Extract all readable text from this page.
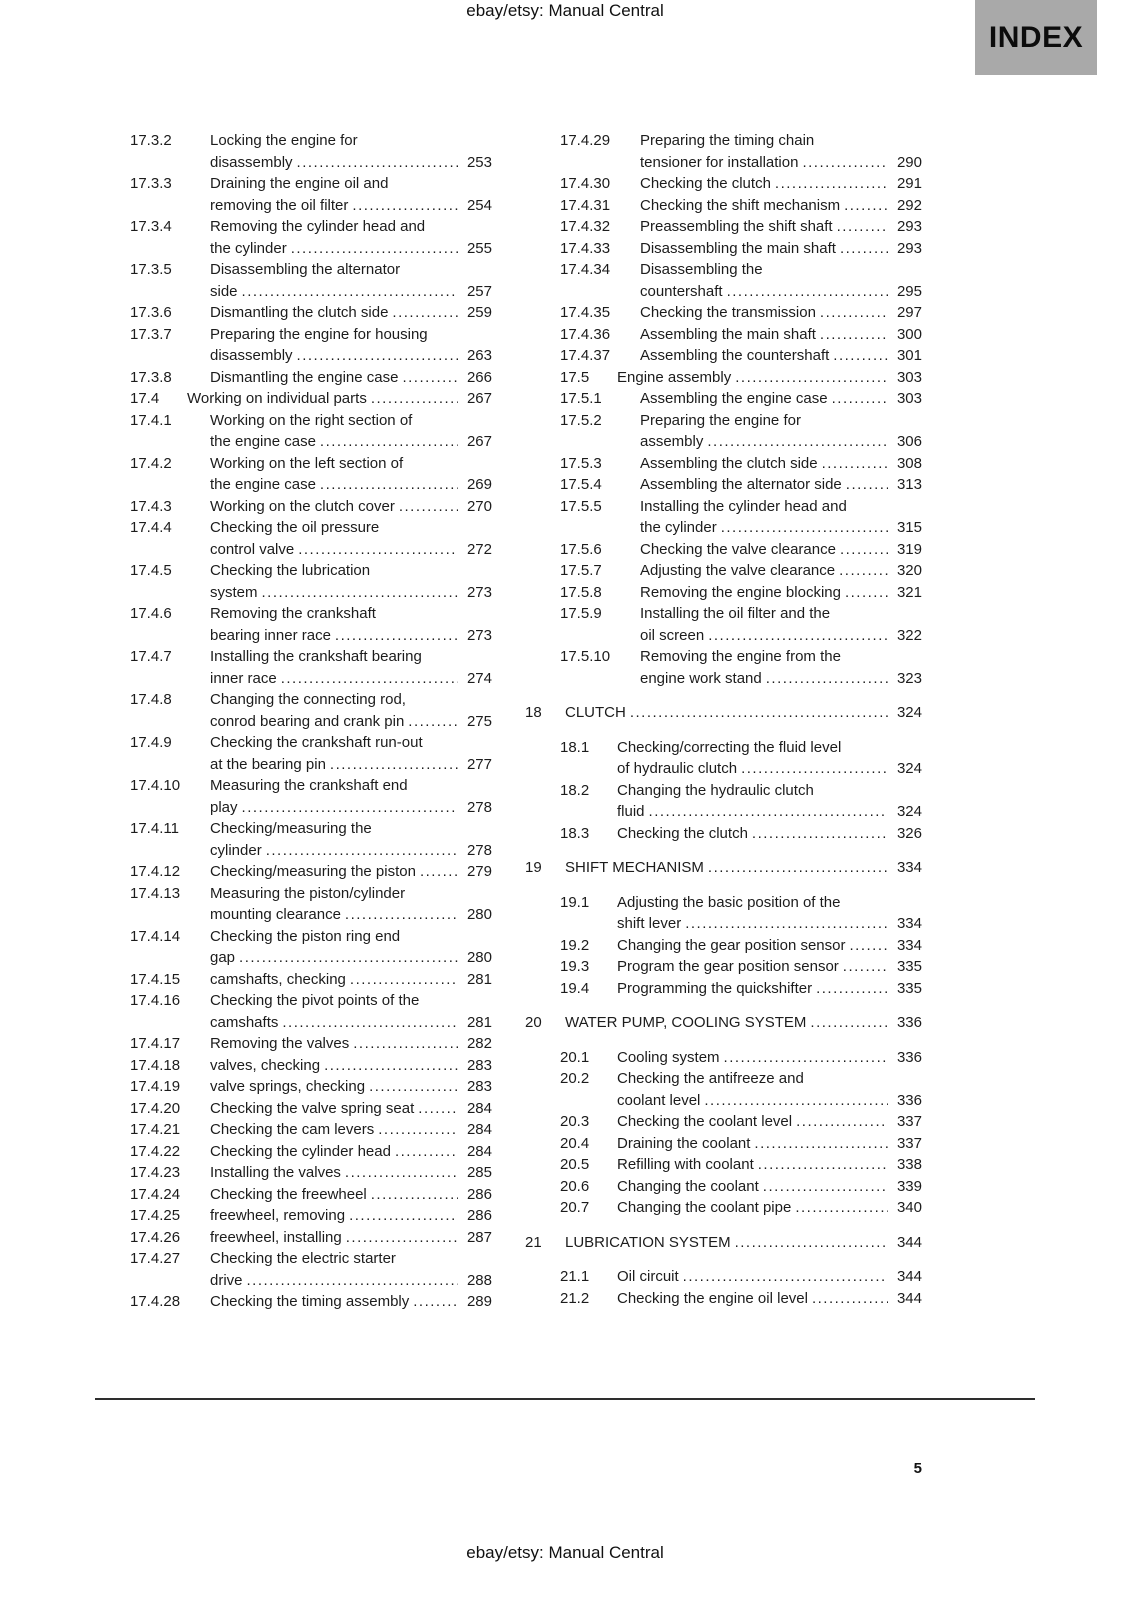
ebay/etsy: Manual Central
INDEX
17.3.2	Locking the engine for
disassembly .....	253
17.3.3	Draining the engine oil and
removing the oil filter .....	254
17.3.4	Removing the cylinder head and
the cylinder .....	255
17.3.5	Disassembling the alternator
side .....	257
17.3.6	Dismantling the clutch side .....	259
17.3.7	Preparing the engine for housing
disassembly .....	263
17.3.8	Dismantling the engine case .....	266
17.4	Working on individual parts .....	267
17.4.1	Working on the right section of
the engine case .....	267
17.4.2	Working on the left section of
the engine case .....	269
17.4.3	Working on the clutch cover .....	270
17.4.4	Checking the oil pressure
control valve .....	272
17.4.5	Checking the lubrication
system .....	273
17.4.6	Removing the crankshaft
bearing inner race .....	273
17.4.7	Installing the crankshaft bearing
inner race .....	274
17.4.8	Changing the connecting rod,
conrod bearing and crank pin .....	275
17.4.9	Checking the crankshaft run-out
at the bearing pin .....	277
17.4.10	Measuring the crankshaft end
play .....	278
17.4.11	Checking/measuring the
cylinder .....	278
17.4.12	Checking/measuring the piston .....	279
17.4.13	Measuring the piston/cylinder
mounting clearance .....	280
17.4.14	Checking the piston ring end
gap .....	280
17.4.15	camshafts, checking .....	281
17.4.16	Checking the pivot points of the
camshafts .....	281
17.4.17	Removing the valves .....	282
17.4.18	valves, checking .....	283
17.4.19	valve springs, checking .....	283
17.4.20	Checking the valve spring seat .....	284
17.4.21	Checking the cam levers .....	284
17.4.22	Checking the cylinder head .....	284
17.4.23	Installing the valves .....	285
17.4.24	Checking the freewheel .....	286
17.4.25	freewheel, removing .....	286
17.4.26	freewheel, installing .....	287
17.4.27	Checking the electric starter
drive .....	288
17.4.28	Checking the timing assembly .....	289
17.4.29	Preparing the timing chain
tensioner for installation .....	290
17.4.30	Checking the clutch .....	291
17.4.31	Checking the shift mechanism .....	292
17.4.32	Preassembling the shift shaft .....	293
17.4.33	Disassembling the main shaft .....	293
17.4.34	Disassembling the
countershaft .....	295
17.4.35	Checking the transmission .....	297
17.4.36	Assembling the main shaft .....	300
17.4.37	Assembling the countershaft .....	301
17.5	Engine assembly .....	303
17.5.1	Assembling the engine case .....	303
17.5.2	Preparing the engine for
assembly .....	306
17.5.3	Assembling the clutch side .....	308
17.5.4	Assembling the alternator side .....	313
17.5.5	Installing the cylinder head and
the cylinder .....	315
17.5.6	Checking the valve clearance .....	319
17.5.7	Adjusting the valve clearance .....	320
17.5.8	Removing the engine blocking .....	321
17.5.9	Installing the oil filter and the
oil screen .....	322
17.5.10	Removing the engine from the
engine work stand .....	323
18	CLUTCH .....	324
18.1	Checking/correcting the fluid level
of hydraulic clutch .....	324
18.2	Changing the hydraulic clutch
fluid .....	324
18.3	Checking the clutch .....	326
19	SHIFT MECHANISM .....	334
19.1	Adjusting the basic position of the
shift lever .....	334
19.2	Changing the gear position sensor .....	334
19.3	Program the gear position sensor .....	335
19.4	Programming the quickshifter .....	335
20	WATER PUMP, COOLING SYSTEM .....	336
20.1	Cooling system .....	336
20.2	Checking the antifreeze and
coolant level .....	336
20.3	Checking the coolant level .....	337
20.4	Draining the coolant .....	337
20.5	Refilling with coolant .....	338
20.6	Changing the coolant .....	339
20.7	Changing the coolant pipe .....	340
21	LUBRICATION SYSTEM .....	344
21.1	Oil circuit .....	344
21.2	Checking the engine oil level .....	344
5
ebay/etsy: Manual Central
